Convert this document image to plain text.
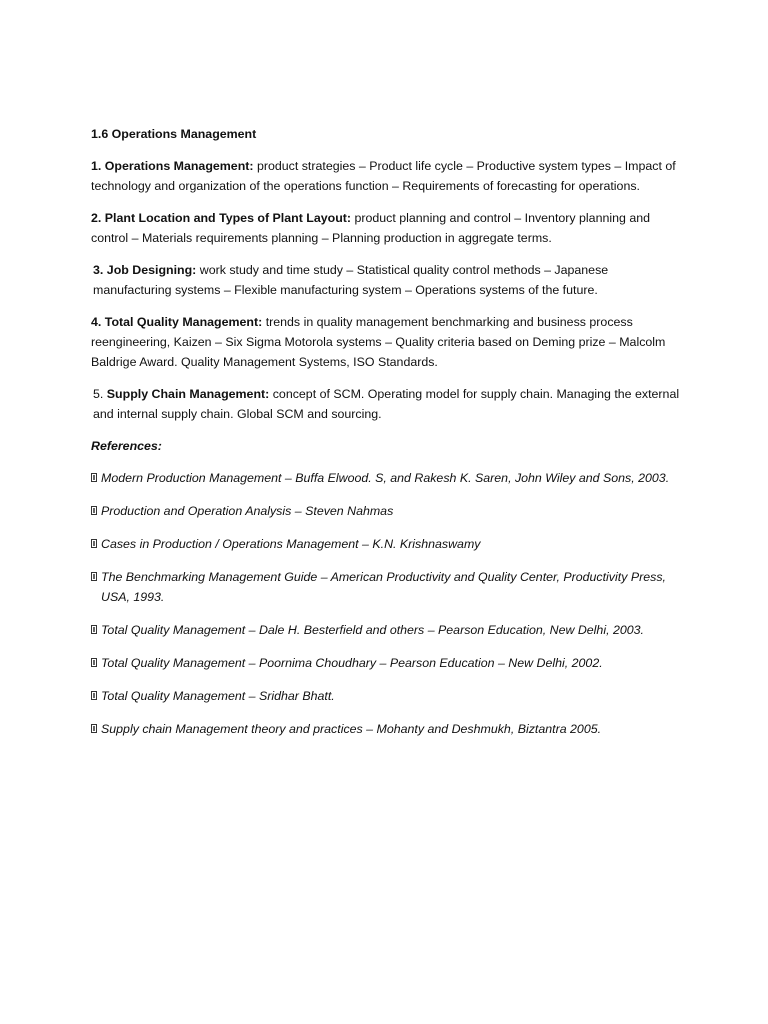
1.6 Operations Management

1. Operations Management: product strategies – Product life cycle – Productive system types – Impact of technology and organization of the operations function – Requirements of forecasting for operations.

2. Plant Location and Types of Plant Layout: product planning and control – Inventory planning and control – Materials requirements planning – Planning production in aggregate terms.

3. Job Designing: work study and time study – Statistical quality control methods – Japanese manufacturing systems – Flexible manufacturing system – Operations systems of the future.

4. Total Quality Management: trends in quality management benchmarking and business process reengineering, Kaizen – Six Sigma Motorola systems – Quality criteria based on Deming prize – Malcolm Baldrige Award. Quality Management Systems, ISO Standards.

5. Supply Chain Management: concept of SCM. Operating model for supply chain. Managing the external and internal supply chain. Global SCM and sourcing.

References:

Modern Production Management – Buffa Elwood. S, and Rakesh K. Saren, John Wiley and Sons, 2003.
Production and Operation Analysis – Steven Nahmas
Cases in Production / Operations Management – K.N. Krishnaswamy
The Benchmarking Management Guide – American Productivity and Quality Center, Productivity Press, USA, 1993.
Total Quality Management – Dale H. Besterfield and others – Pearson Education, New Delhi, 2003.
Total Quality Management – Poornima Choudhary – Pearson Education – New Delhi, 2002.
Total Quality Management – Sridhar Bhatt.
Supply chain Management theory and practices – Mohanty and Deshmukh, Biztantra 2005.
